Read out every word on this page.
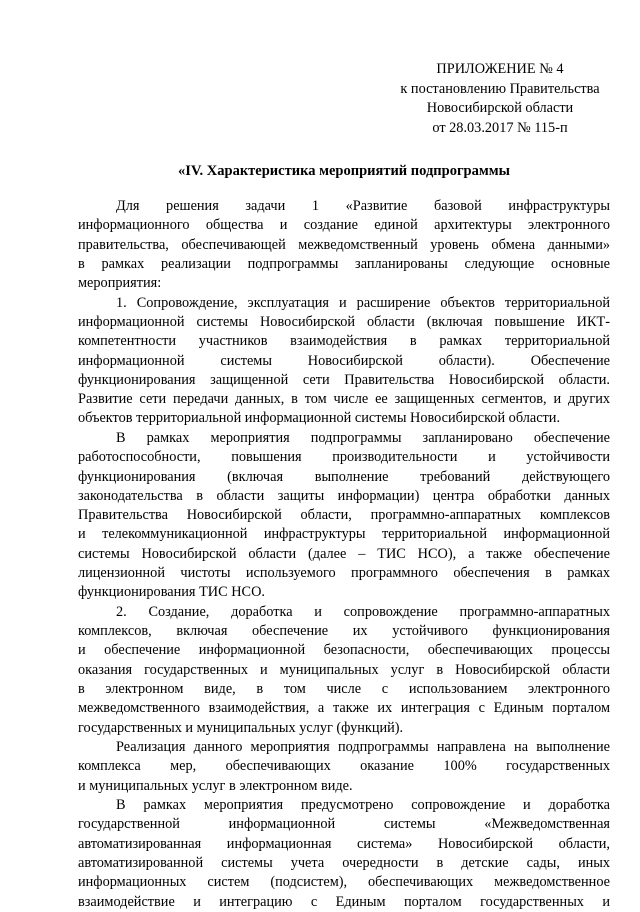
ПРИЛОЖЕНИЕ № 4
к постановлению Правительства
Новосибирской области
от 28.03.2017 № 115-п
«IV. Характеристика мероприятий подпрограммы
Для решения задачи 1 «Развитие базовой инфраструктуры
информационного общества и создание единой архитектуры электронного
правительства, обеспечивающей межведомственный уровень обмена данными»
в рамках реализации подпрограммы запланированы следующие основные
мероприятия:
1. Сопровождение, эксплуатация и расширение объектов территориальной
информационной системы Новосибирской области (включая повышение ИКТ-
компетентности участников взаимодействия в рамках территориальной
информационной системы Новосибирской области). Обеспечение
функционирования защищенной сети Правительства Новосибирской области.
Развитие сети передачи данных, в том числе ее защищенных сегментов, и других
объектов территориальной информационной системы Новосибирской области.
В рамках мероприятия подпрограммы запланировано обеспечение
работоспособности, повышения производительности и устойчивости
функционирования (включая выполнение требований действующего
законодательства в области защиты информации) центра обработки данных
Правительства Новосибирской области, программно-аппаратных комплексов
и телекоммуникационной инфраструктуры территориальной информационной
системы Новосибирской области (далее – ТИС НСО), а также обеспечение
лицензионной чистоты используемого программного обеспечения в рамках
функционирования ТИС НСО.
2. Создание, доработка и сопровождение программно-аппаратных
комплексов, включая обеспечение их устойчивого функционирования
и обеспечение информационной безопасности, обеспечивающих процессы
оказания государственных и муниципальных услуг в Новосибирской области
в электронном виде, в том числе с использованием электронного
межведомственного взаимодействия, а также их интеграция с Единым порталом
государственных и муниципальных услуг (функций).
Реализация данного мероприятия подпрограммы направлена на выполнение
комплекса мер, обеспечивающих оказание 100% государственных
и муниципальных услуг в электронном виде.
В рамках мероприятия предусмотрено сопровождение и доработка
государственной информационной системы «Межведомственная
автоматизированная информационная система» Новосибирской области,
автоматизированной системы учета очередности в детские сады, иных
информационных систем (подсистем), обеспечивающих межведомственное
взаимодействие и интеграцию с Единым порталом государственных и
